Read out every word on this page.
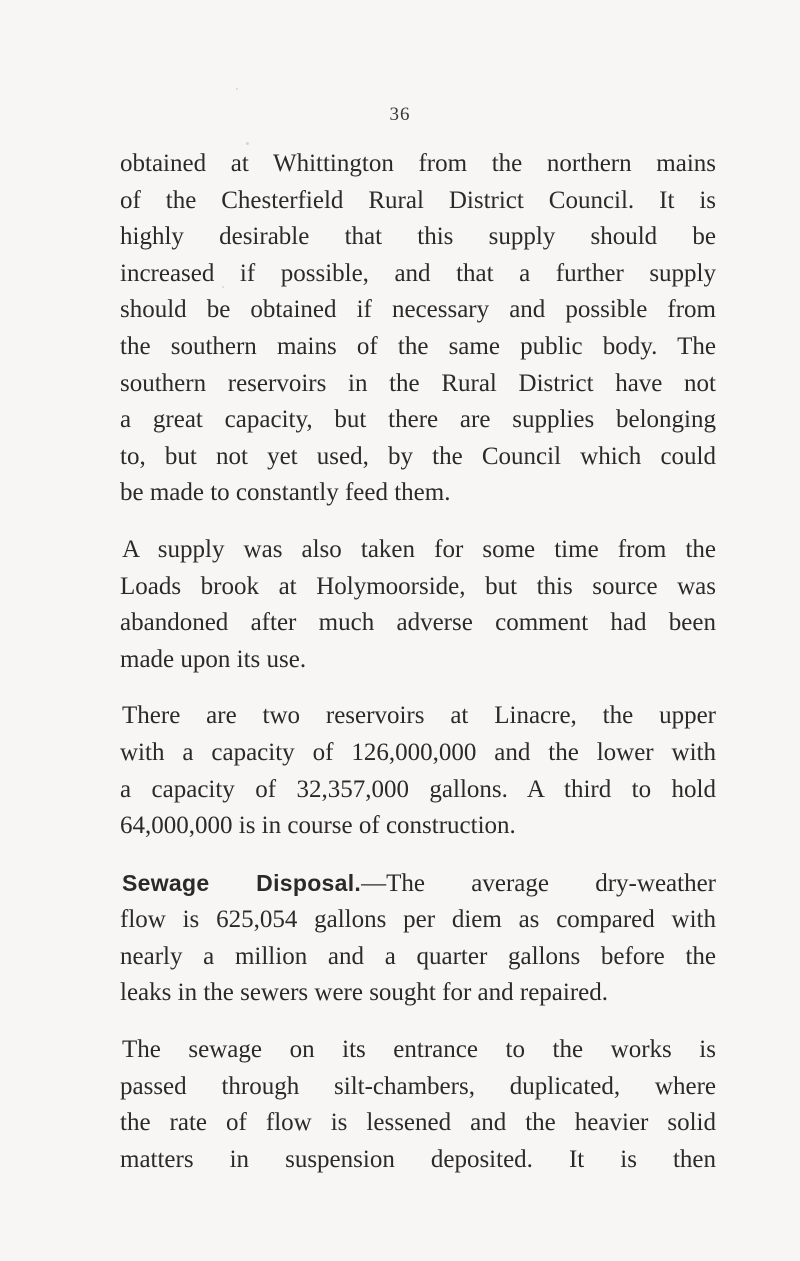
36

obtained at Whittington from the northern mains
of the Chesterfield Rural District Council. It is
highly desirable that this supply should be
increased if possible, and that a further supply
should be obtained if necessary and possible from
the southern mains of the same public body. The
southern reservoirs in the Rural District have not
a great capacity, but there are supplies belonging
to, but not yet used, by the Council which could
be made to constantly feed them.

A supply was also taken for some time from the
Loads brook at Holymoorside, but this source was
abandoned after much adverse comment had been
made upon its use.

There are two reservoirs at Linacre, the upper
with a capacity of 126,000,000 and the lower with
a capacity of 32,357,000 gallons. A third to hold
64,000,000 is in course of construction.

Sewage Disposal.—The average dry-weather
flow is 625,054 gallons per diem as compared with
nearly a million and a quarter gallons before the
leaks in the sewers were sought for and repaired.

The sewage on its entrance to the works is
passed through silt-chambers, duplicated, where
the rate of flow is lessened and the heavier solid
matters in suspension deposited. It is then
